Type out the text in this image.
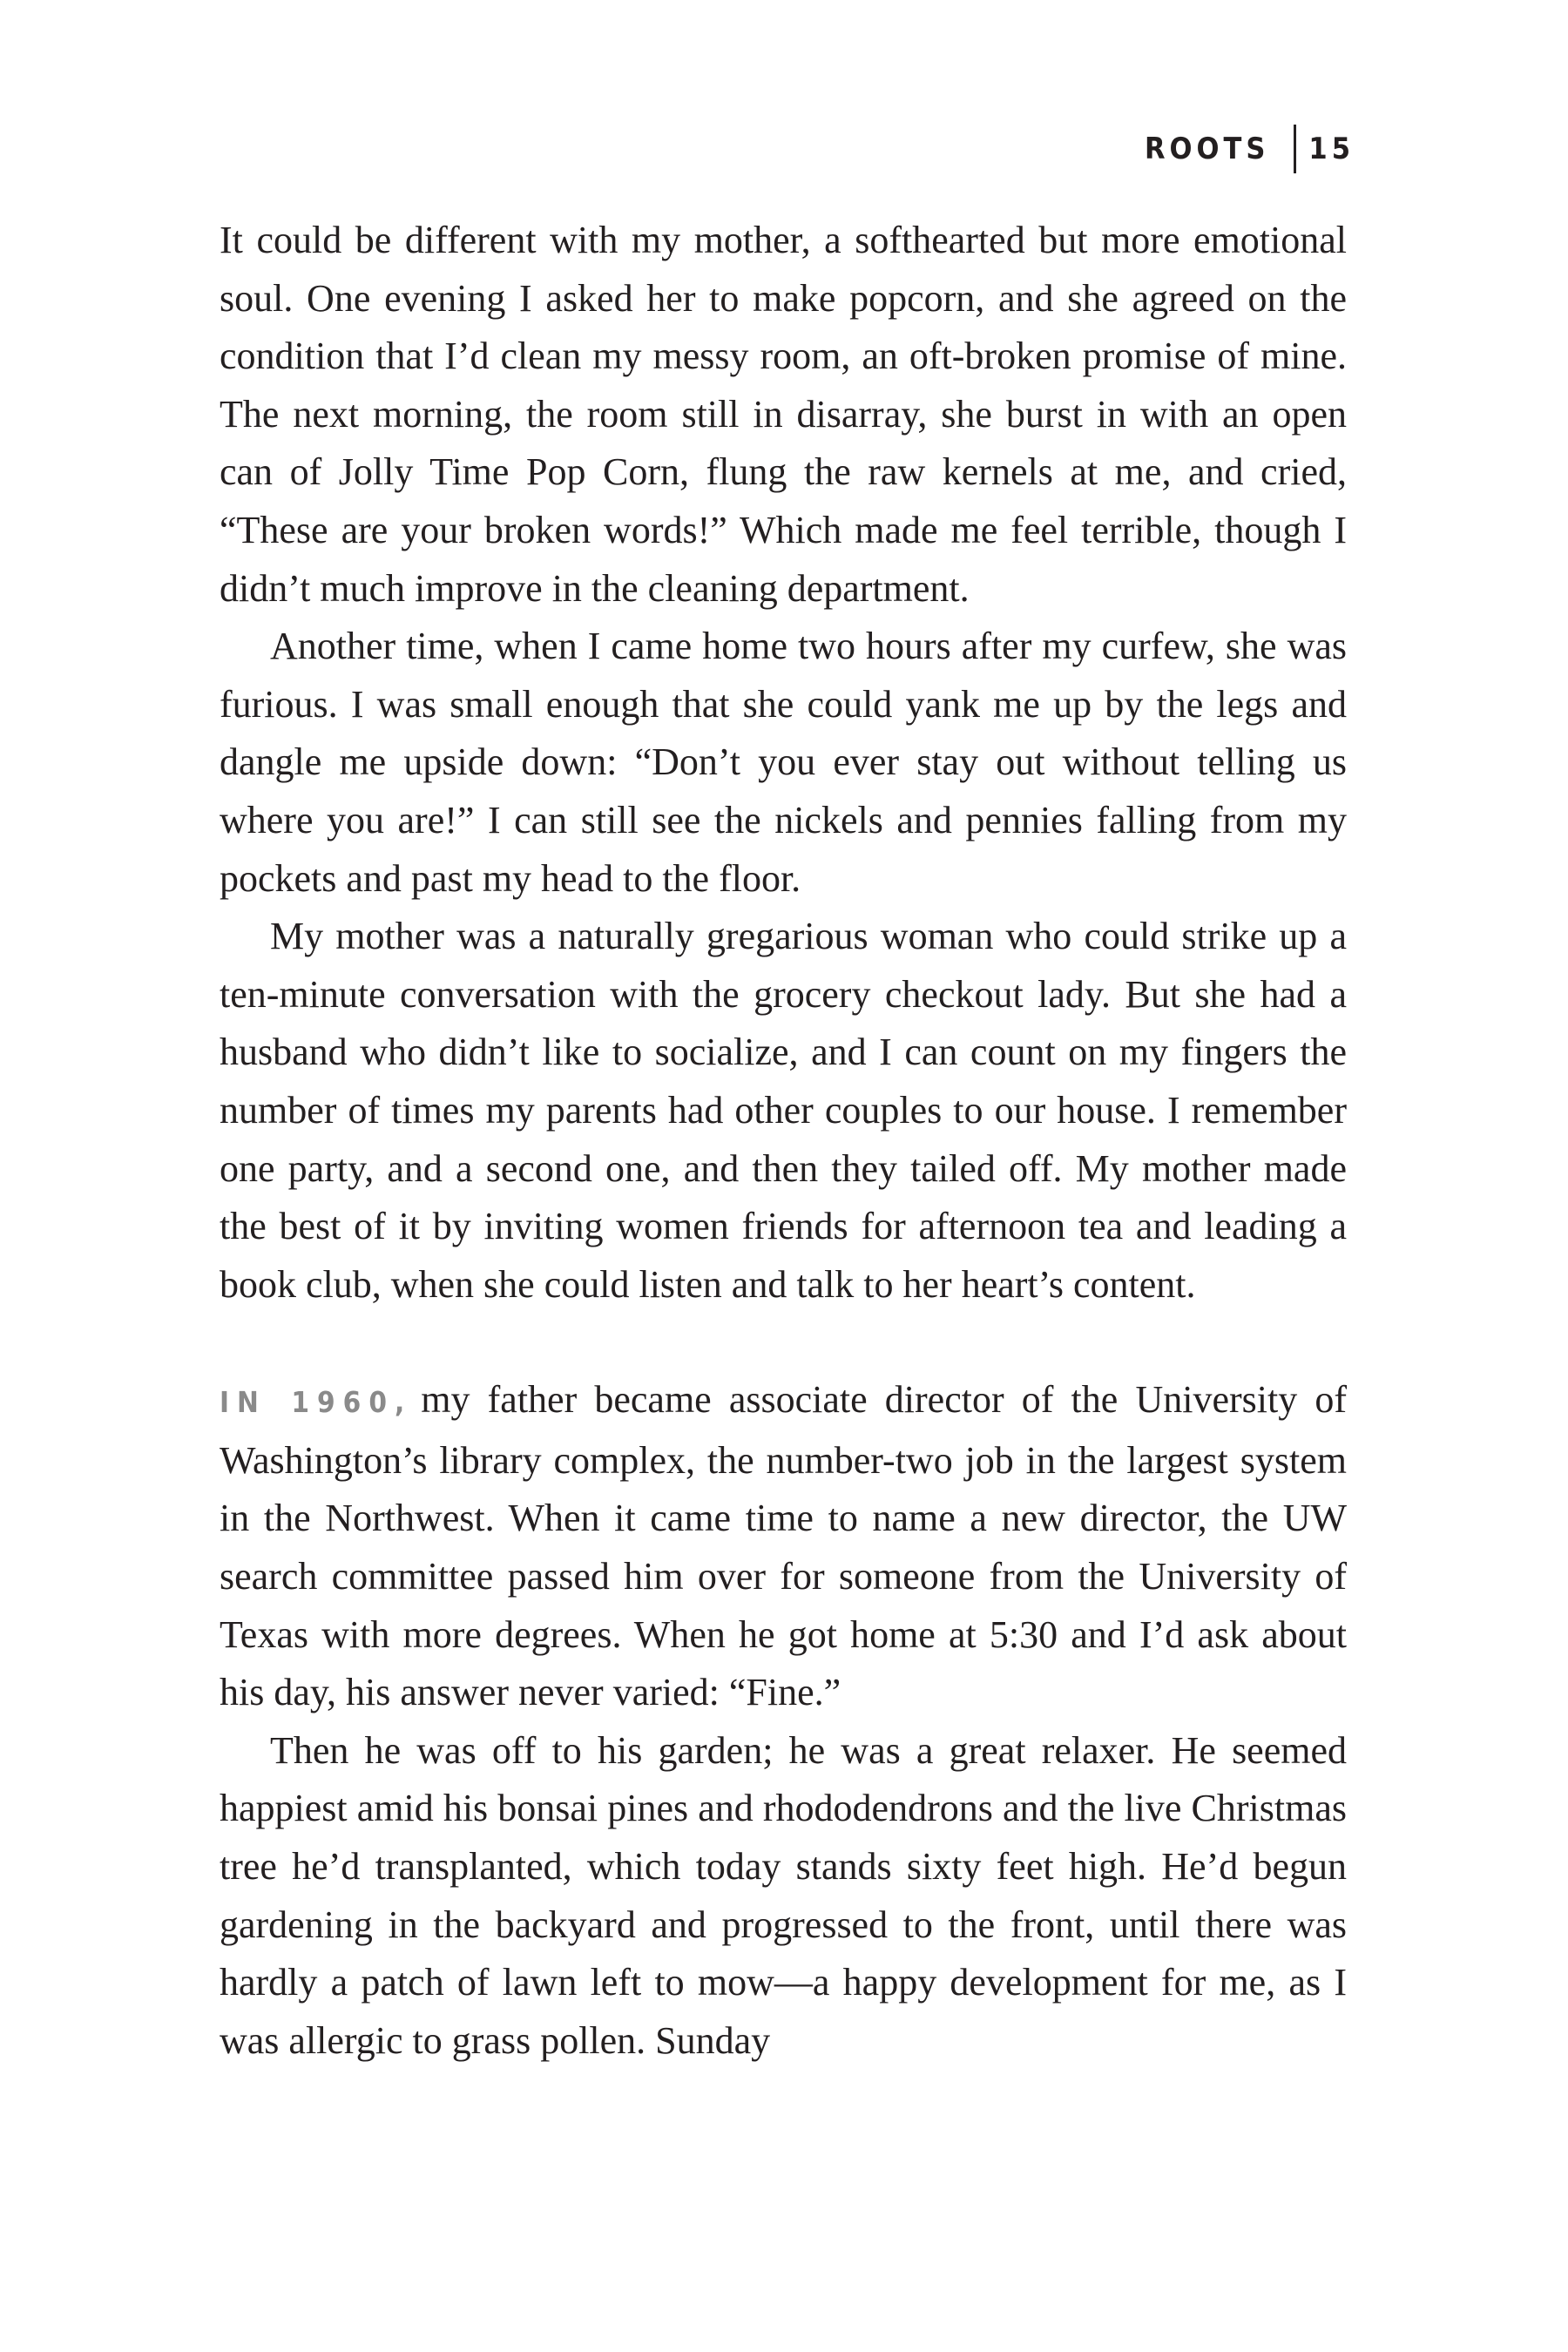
ROOTS 15

It could be different with my mother, a softhearted but more emotional soul. One evening I asked her to make popcorn, and she agreed on the condition that I’d clean my messy room, an oft-broken promise of mine. The next morning, the room still in disarray, she burst in with an open can of Jolly Time Pop Corn, flung the raw kernels at me, and cried, “These are your broken words!” Which made me feel terrible, though I didn’t much improve in the cleaning department.

Another time, when I came home two hours after my curfew, she was furious. I was small enough that she could yank me up by the legs and dangle me upside down: “Don’t you ever stay out without telling us where you are!” I can still see the nickels and pennies falling from my pockets and past my head to the floor.

My mother was a naturally gregarious woman who could strike up a ten-minute conversation with the grocery checkout lady. But she had a husband who didn’t like to socialize, and I can count on my fingers the number of times my parents had other couples to our house. I remember one party, and a second one, and then they tailed off. My mother made the best of it by inviting women friends for afternoon tea and leading a book club, when she could listen and talk to her heart’s content.

IN 1960, my father became associate director of the University of Washington’s library complex, the number-two job in the largest system in the Northwest. When it came time to name a new director, the UW search committee passed him over for someone from the University of Texas with more degrees. When he got home at 5:30 and I’d ask about his day, his answer never varied: “Fine.”

Then he was off to his garden; he was a great relaxer. He seemed happiest amid his bonsai pines and rhododendrons and the live Christmas tree he’d transplanted, which today stands sixty feet high. He’d begun gardening in the backyard and progressed to the front, until there was hardly a patch of lawn left to mow—a happy development for me, as I was allergic to grass pollen. Sunday
